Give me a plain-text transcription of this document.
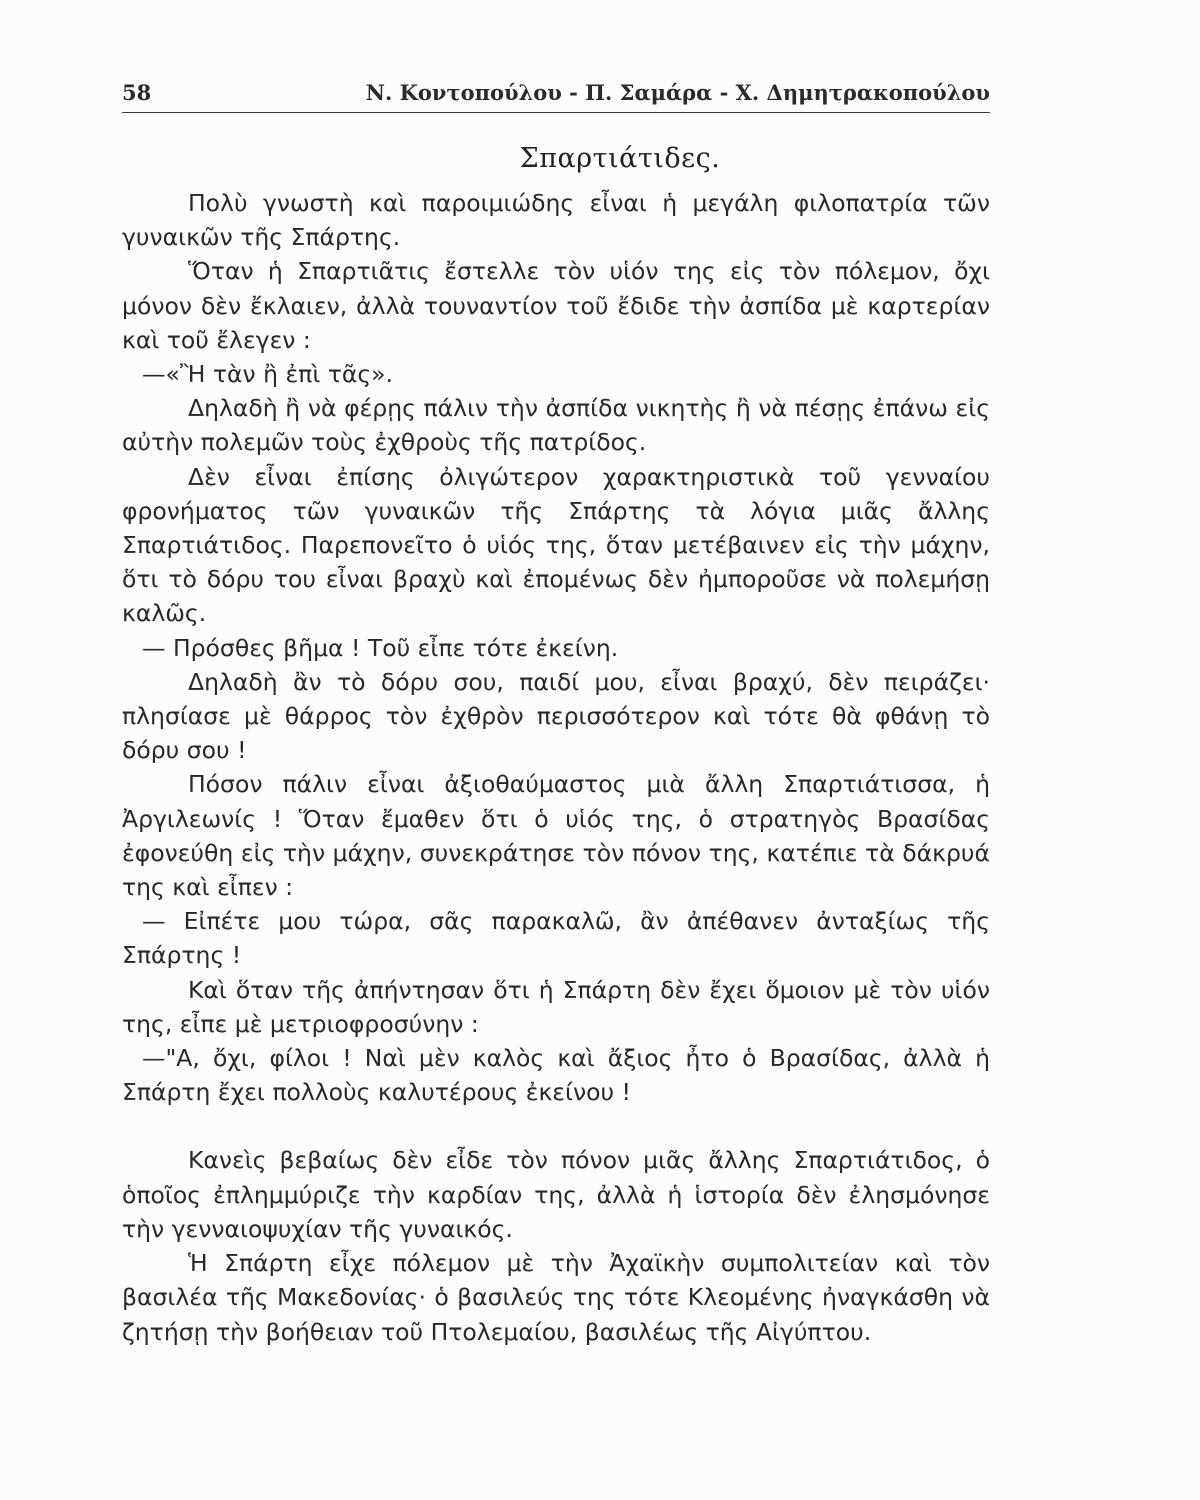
58	Ν. Κοντοπούλου - Π. Σαμάρα - Χ. Δημητρακοπούλου
Σπαρτιάτιδες.

Πολὺ γνωστὴ καὶ παροιμιώδης εἶναι ἡ μεγάλη φιλοπατρία τῶν γυναικῶν τῆς Σπάρτης.

Ὅταν ἡ Σπαρτιᾶτις ἔστελλε τὸν υἱόν της εἰς τὸν πόλεμον, ὄχι μόνον δὲν ἔκλαιεν, ἀλλὰ τουναντίον τοῦ ἔδιδε τὴν ἀσπίδα μὲ καρτερίαν καὶ τοῦ ἔλεγεν :

—«Ἢ τὰν ἢ ἐπὶ τᾶς».

Δηλαδὴ ἢ νὰ φέρῃς πάλιν τὴν ἀσπίδα νικητὴς ἢ νὰ πέσῃς ἐπάνω εἰς αὐτὴν πολεμῶν τοὺς ἐχθροὺς τῆς πατρίδος.

Δὲν εἶναι ἐπίσης ὀλιγώτερον χαρακτηριστικὰ τοῦ γενναίου φρονήματος τῶν γυναικῶν τῆς Σπάρτης τὰ λόγια μιᾶς ἄλλης Σπαρτιάτιδος. Παρεπονεῖτο ὁ υἱός της, ὅταν μετέβαινεν εἰς τὴν μάχην, ὅτι τὸ δόρυ του εἶναι βραχὺ καὶ ἐπομένως δὲν ἠμποροῦσε νὰ πολεμήσῃ καλῶς.

— Πρόσθες βῆμα ! Τοῦ εἶπε τότε ἐκείνη.

Δηλαδὴ ἂν τὸ δόρυ σου, παιδί μου, εἶναι βραχύ, δὲν πειράζει· πλησίασε μὲ θάρρος τὸν ἐχθρὸν περισσότερον καὶ τότε θὰ φθάνῃ τὸ δόρυ σου !

Πόσον πάλιν εἶναι ἀξιοθαύμαστος μιὰ ἄλλη Σπαρτιάτισσα, ἡ Ἀργιλεωνίς ! Ὅταν ἔμαθεν ὅτι ὁ υἱός της, ὁ στρατηγὸς Βρασίδας ἐφονεύθη εἰς τὴν μάχην, συνεκράτησε τὸν πόνον της, κατέπιε τὰ δάκρυά της καὶ εἶπεν :

— Εἰπέτε μου τώρα, σᾶς παρακαλῶ, ἂν ἀπέθανεν ἀνταξίως τῆς Σπάρτης !

Καὶ ὅταν τῆς ἀπήντησαν ὅτι ἡ Σπάρτη δὲν ἔχει ὅμοιον μὲ τὸν υἱόν της, εἶπε μὲ μετριοφροσύνην :

—"Α, ὄχι, φίλοι ! Ναὶ μὲν καλὸς καὶ ἄξιος ἦτο ὁ Βρασίδας, ἀλλὰ ἡ Σπάρτη ἔχει πολλοὺς καλυτέρους ἐκείνου !

Κανεὶς βεβαίως δὲν εἶδε τὸν πόνον μιᾶς ἄλλης Σπαρτιάτιδος, ὁ ὁποῖος ἐπλημμύριζε τὴν καρδίαν της, ἀλλὰ ἡ ἱστορία δὲν ἐλησμόνησε τὴν γενναιοψυχίαν τῆς γυναικός.

Ἡ Σπάρτη εἶχε πόλεμον μὲ τὴν Ἀχαϊκὴν συμπολιτείαν καὶ τὸν βασιλέα τῆς Μακεδονίας· ὁ βασιλεύς της τότε Κλεομένης ἠναγκάσθη νὰ ζητήσῃ τὴν βοήθειαν τοῦ Πτολεμαίου, βασιλέως τῆς Αἰγύπτου.
